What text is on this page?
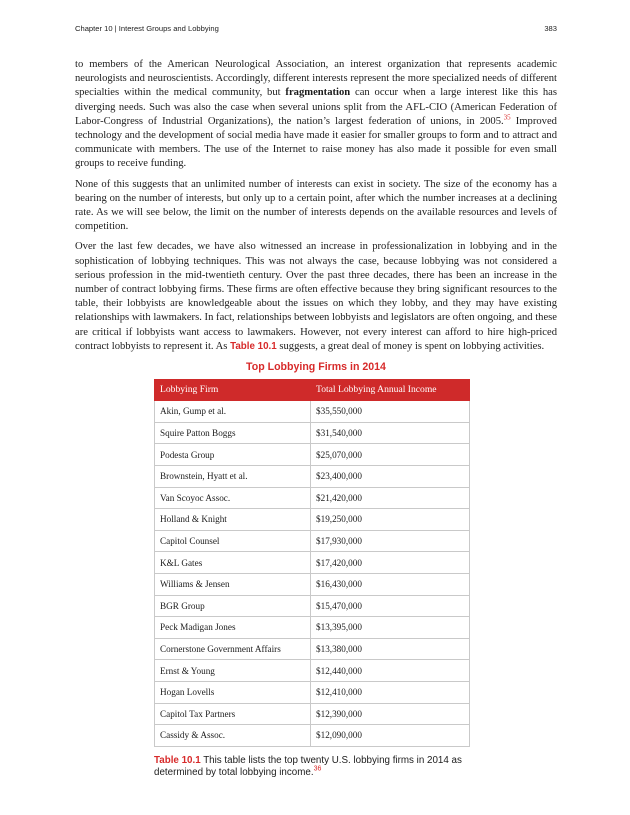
Chapter 10 | Interest Groups and Lobbying	383

to members of the American Neurological Association, an interest organization that represents academic neurologists and neuroscientists. Accordingly, different interests represent the more specialized needs of different specialties within the medical community, but fragmentation can occur when a large interest like this has diverging needs. Such was also the case when several unions split from the AFL-CIO (American Federation of Labor-Congress of Industrial Organizations), the nation’s largest federation of unions, in 2005.35 Improved technology and the development of social media have made it easier for smaller groups to form and to attract and communicate with members. The use of the Internet to raise money has also made it possible for even small groups to receive funding.

None of this suggests that an unlimited number of interests can exist in society. The size of the economy has a bearing on the number of interests, but only up to a certain point, after which the number increases at a declining rate. As we will see below, the limit on the number of interests depends on the available resources and levels of competition.

Over the last few decades, we have also witnessed an increase in professionalization in lobbying and in the sophistication of lobbying techniques. This was not always the case, because lobbying was not considered a serious profession in the mid-twentieth century. Over the past three decades, there has been an increase in the number of contract lobbying firms. These firms are often effective because they bring significant resources to the table, their lobbyists are knowledgeable about the issues on which they lobby, and they may have existing relationships with lawmakers. In fact, relationships between lobbyists and legislators are often ongoing, and these are critical if lobbyists want access to lawmakers. However, not every interest can afford to hire high-priced contract lobbyists to represent it. As Table 10.1 suggests, a great deal of money is spent on lobbying activities.

Top Lobbying Firms in 2014
Lobbying Firm	Total Lobbying Annual Income
Akin, Gump et al.	$35,550,000
Squire Patton Boggs	$31,540,000
Podesta Group	$25,070,000
Brownstein, Hyatt et al.	$23,400,000
Van Scoyoc Assoc.	$21,420,000
Holland & Knight	$19,250,000
Capitol Counsel	$17,930,000
K&L Gates	$17,420,000
Williams & Jensen	$16,430,000
BGR Group	$15,470,000
Peck Madigan Jones	$13,395,000
Cornerstone Government Affairs	$13,380,000
Ernst & Young	$12,440,000
Hogan Lovells	$12,410,000
Capitol Tax Partners	$12,390,000
Cassidy & Assoc.	$12,090,000
Table 10.1 This table lists the top twenty U.S. lobbying firms in 2014 as determined by total lobbying income.$^{36}$
